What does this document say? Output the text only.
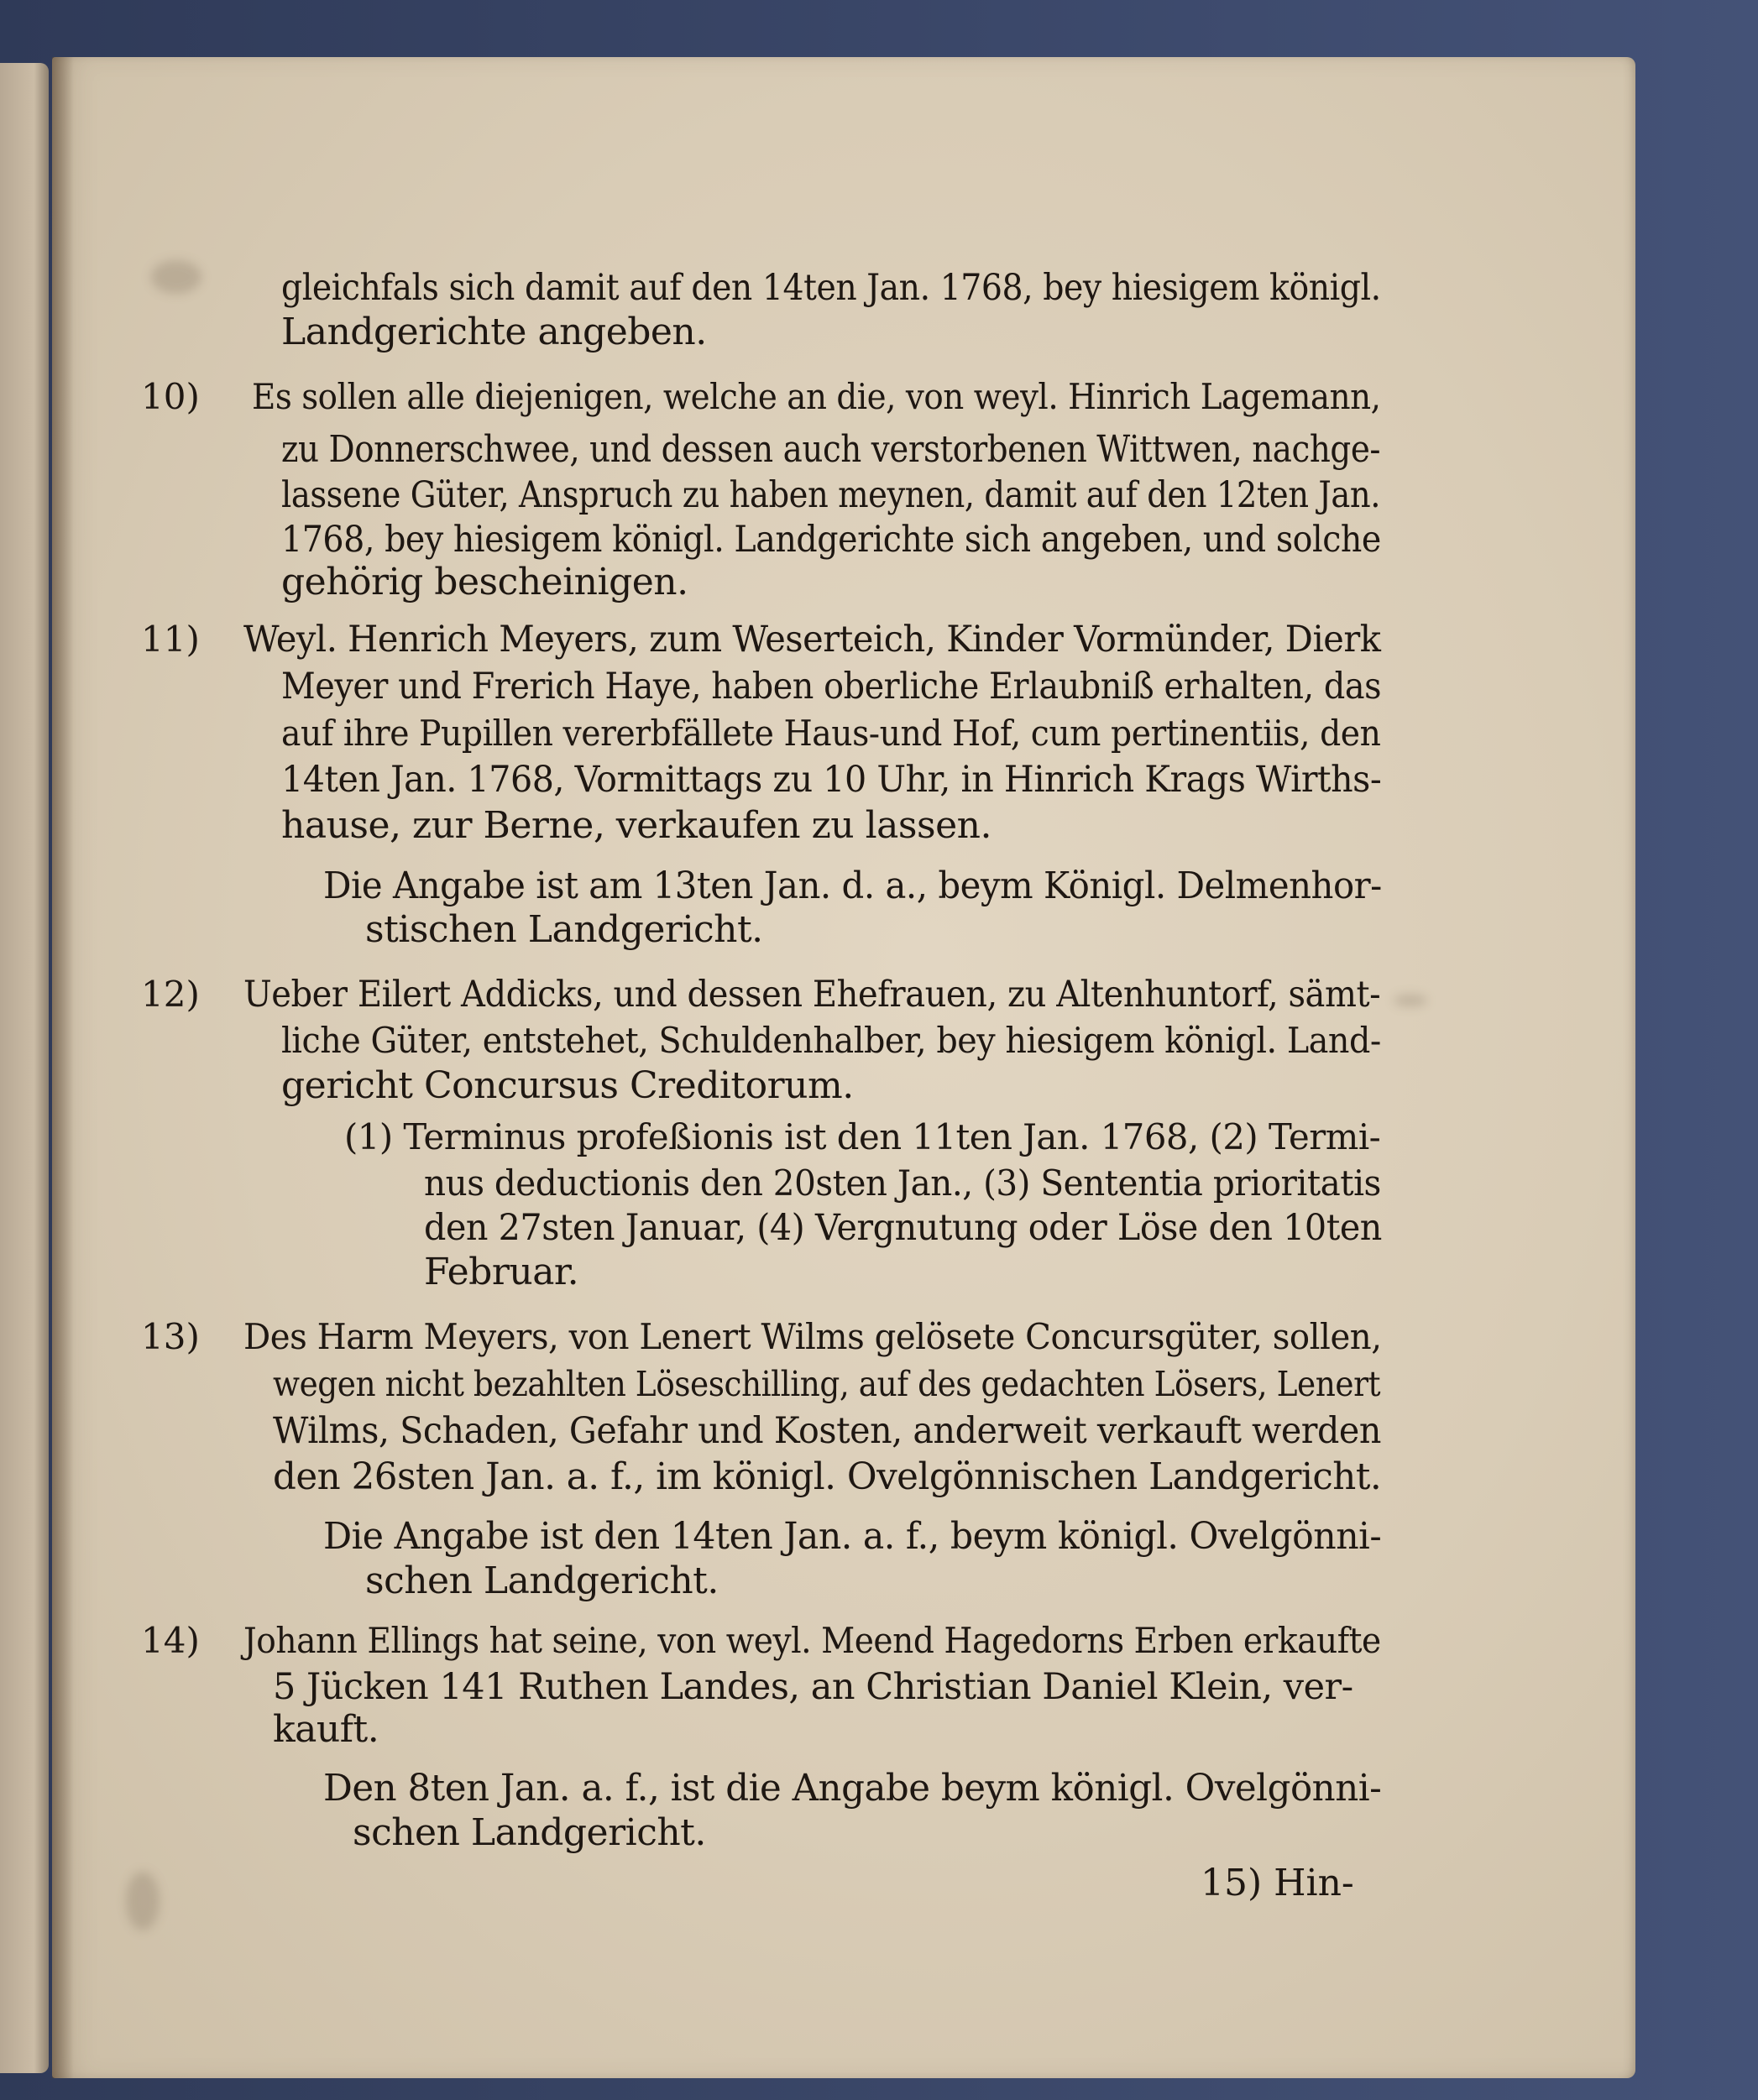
gleichfals sich damit auf den 14ten Jan. 1768, bey hiesigem königl.
Landgerichte angeben.
10) Es sollen alle diejenigen, welche an die, von weyl. Hinrich Lagemann,
zu Donnerschwee, und dessen auch verstorbenen Wittwen, nachge-
lassene Güter, Anspruch zu haben meynen, damit auf den 12ten Jan.
1768, bey hiesigem königl. Landgerichte sich angeben, und solche
gehörig bescheinigen.
11) Weyl. Henrich Meyers, zum Weserteich, Kinder Vormünder, Dierk
Meyer und Frerich Haye, haben oberliche Erlaubniß erhalten, das
auf ihre Pupillen vererbfällete Haus-und Hof, cum pertinentiis, den
14ten Jan. 1768, Vormittags zu 10 Uhr, in Hinrich Krags Wirths-
hause, zur Berne, verkaufen zu lassen.
Die Angabe ist am 13ten Jan. d. a., beym Königl. Delmenhor-
stischen Landgericht.
12) Ueber Eilert Addicks, und dessen Ehefrauen, zu Altenhuntorf, sämt-
liche Güter, entstehet, Schuldenhalber, bey hiesigem königl. Land-
gericht Concursus Creditorum.
(1) Terminus profeßionis ist den 11ten Jan. 1768, (2) Termi-
nus deductionis den 20sten Jan., (3) Sententia prioritatis
den 27sten Januar, (4) Vergnutung oder Löse den 10ten
Februar.
13) Des Harm Meyers, von Lenert Wilms gelösete Concursgüter, sollen,
wegen nicht bezahlten Löseschilling, auf des gedachten Lösers, Lenert
Wilms, Schaden, Gefahr und Kosten, anderweit verkauft werden
den 26sten Jan. a. f., im königl. Ovelgönnischen Landgericht.
Die Angabe ist den 14ten Jan. a. f., beym königl. Ovelgönni-
schen Landgericht.
14) Johann Ellings hat seine, von weyl. Meend Hagedorns Erben erkaufte
5 Jücken 141 Ruthen Landes, an Christian Daniel Klein, ver-
kauft.
Den 8ten Jan. a. f., ist die Angabe beym königl. Ovelgönni-
schen Landgericht.
15) Hin-
